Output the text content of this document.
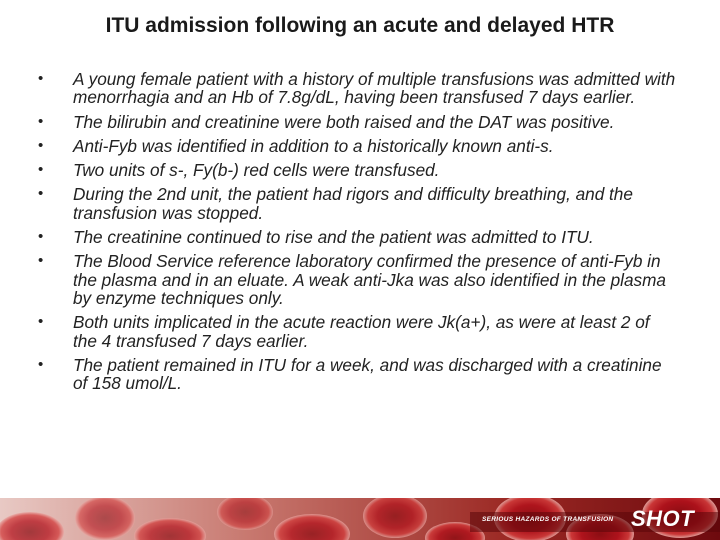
ITU admission following an acute and delayed HTR
• A young female patient with a history of multiple transfusions was admitted with menorrhagia and an Hb of 7.8g/dL, having been transfused 7 days earlier.
• The bilirubin and creatinine were both raised and the DAT was positive.
• Anti-Fyb was identified in addition to a historically known anti-s.
• Two units of s-, Fy(b-) red cells were transfused.
• During the 2nd unit, the patient had rigors and difficulty breathing, and the transfusion was stopped.
• The creatinine continued to rise and the patient was admitted to ITU.
• The Blood Service reference laboratory confirmed the presence of anti-Fyb in the plasma and in an eluate. A weak anti-Jka was also identified in the plasma by enzyme techniques only.
• Both units implicated in the acute reaction were Jk(a+), as were at least 2 of the 4 transfused 7 days earlier.
• The patient remained in ITU for a week, and was discharged with a creatinine of 158 umol/L.
SERIOUS HAZARDS OF TRANSFUSION SHOT
